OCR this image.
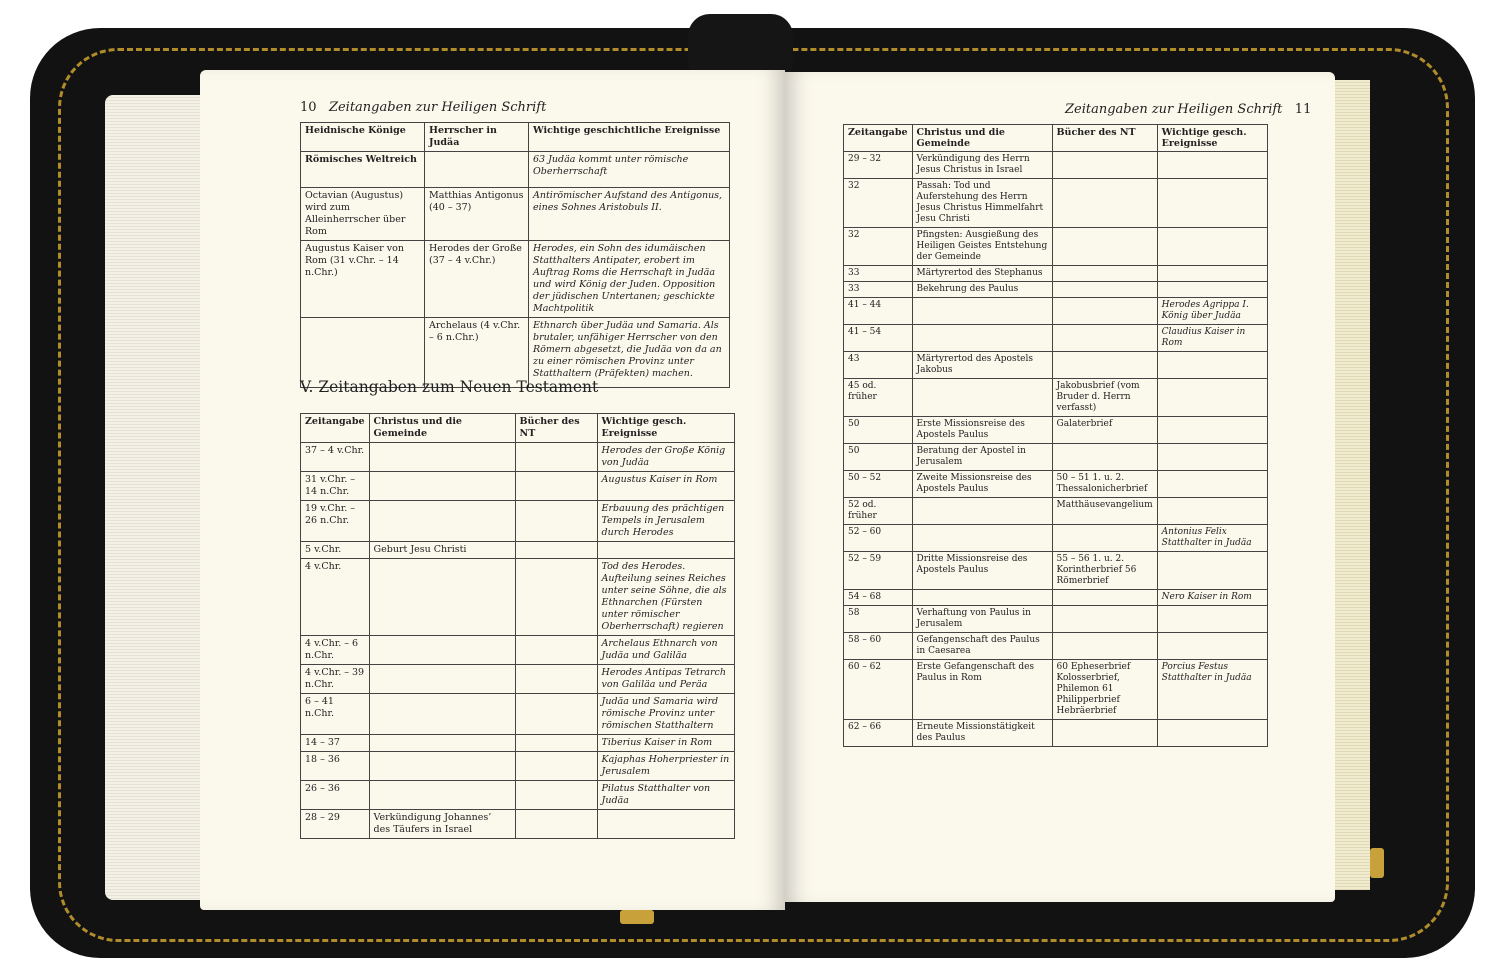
10 Zeitangaben zur Heiligen Schrift
Heidnische Könige	Herrscher in Judäa	Wichtige geschichtliche Ereignisse
Römisches Weltreich		63 Judäa kommt unter römische Oberherrschaft
Octavian (Augustus) wird zum Alleinherrscher über Rom	Matthias Antigonus (40 – 37)	Antirömischer Aufstand des Antigonus, eines Sohnes Aristobuls II.
Augustus Kaiser von Rom (31 v.Chr. – 14 n.Chr.)	Herodes der Große (37 – 4 v.Chr.)	Herodes, ein Sohn des idumäischen Statthalters Antipater, erobert im Auftrag Roms die Herrschaft in Judäa und wird König der Juden. Opposition der jüdischen Untertanen; geschickte Machtpolitik
	Archelaus (4 v.Chr. – 6 n.Chr.)	Ethnarch über Judäa und Samaria. Als brutaler, unfähiger Herrscher von den Römern abgesetzt, die Judäa von da an zu einer römischen Provinz unter Statthaltern (Präfekten) machen.
V. Zeitangaben zum Neuen Testament
Zeitangabe	Christus und die Gemeinde	Bücher des NT	Wichtige gesch. Ereignisse
37 – 4 v.Chr.			Herodes der Große König von Judäa
31 v.Chr. – 14 n.Chr.			Augustus Kaiser in Rom
19 v.Chr. – 26 n.Chr.			Erbauung des prächtigen Tempels in Jerusalem durch Herodes
5 v.Chr.	Geburt Jesu Christi		
4 v.Chr.			Tod des Herodes. Aufteilung seines Reiches unter seine Söhne, die als Ethnarchen (Fürsten unter römischer Oberherrschaft) regieren
4 v.Chr. – 6 n.Chr.			Archelaus Ethnarch von Judäa und Galiläa
4 v.Chr. – 39 n.Chr.			Herodes Antipas Tetrarch von Galiläa und Peräa
6 – 41 n.Chr.			Judäa und Samaria wird römische Provinz unter römischen Statthaltern
14 – 37			Tiberius Kaiser in Rom
18 – 36			Kajaphas Hoherpriester in Jerusalem
26 – 36			Pilatus Statthalter von Judäa
28 – 29	Verkündigung Johannes’ des Täufers in Israel		
Zeitangaben zur Heiligen Schrift 11
Zeitangabe	Christus und die Gemeinde	Bücher des NT	Wichtige gesch. Ereignisse
29 – 32	Verkündigung des Herrn Jesus Christus in Israel		
32	Passah: Tod und Auferstehung des Herrn Jesus Christus Himmelfahrt Jesu Christi		
32	Pfingsten: Ausgießung des Heiligen Geistes Entstehung der Gemeinde		
33	Märtyrertod des Stephanus		
33	Bekehrung des Paulus		
41 – 44			Herodes Agrippa I. König über Judäa
41 – 54			Claudius Kaiser in Rom
43	Märtyrertod des Apostels Jakobus		
45 od. früher		Jakobusbrief (vom Bruder d. Herrn verfasst)	
50	Erste Missionsreise des Apostels Paulus	Galaterbrief	
50	Beratung der Apostel in Jerusalem		
50 – 52	Zweite Missionsreise des Apostels Paulus	50 – 51 1. u. 2. Thessalonicherbrief	
52 od. früher		Matthäusevangelium	
52 – 60			Antonius Felix Statthalter in Judäa
52 – 59	Dritte Missionsreise des Apostels Paulus	55 – 56 1. u. 2. Korintherbrief 56 Römerbrief	
54 – 68			Nero Kaiser in Rom
58	Verhaftung von Paulus in Jerusalem		
58 – 60	Gefangenschaft des Paulus in Caesarea		
60 – 62	Erste Gefangenschaft des Paulus in Rom	60 Epheserbrief Kolosserbrief, Philemon 61 Philipperbrief Hebräerbrief	Porcius Festus Statthalter in Judäa
62 – 66	Erneute Missionstätigkeit des Paulus		
